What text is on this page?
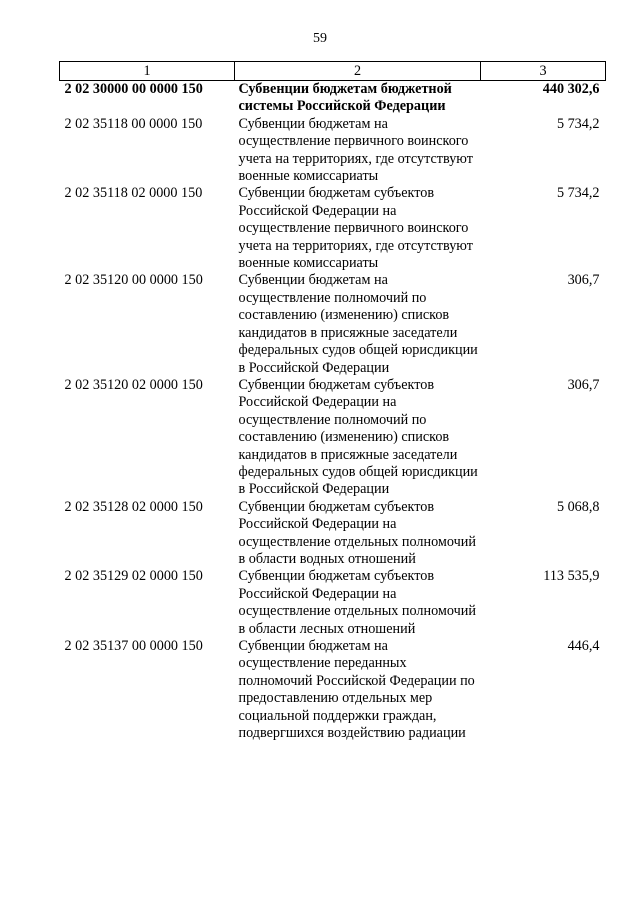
59
1	2	3
2 02 30000 00 0000 150	Субвенции бюджетам бюджетной системы Российской Федерации	440 302,6
2 02 35118 00 0000 150	Субвенции бюджетам на осуществление первичного воинского учета на территориях, где отсутствуют военные комиссариаты	5 734,2
2 02 35118 02 0000 150	Субвенции бюджетам субъектов Российской Федерации на осуществление первичного воинского учета на территориях, где отсутствуют военные комиссариаты	5 734,2
2 02 35120 00 0000 150	Субвенции бюджетам на осуществление полномочий по составлению (изменению) списков кандидатов в присяжные заседатели федеральных судов общей юрисдикции в Российской Федерации	306,7
2 02 35120 02 0000 150	Субвенции бюджетам субъектов Российской Федерации на осуществление полномочий по составлению (изменению) списков кандидатов в присяжные заседатели федеральных судов общей юрисдикции в Российской Федерации	306,7
2 02 35128 02 0000 150	Субвенции бюджетам субъектов Российской Федерации на осуществление отдельных полномочий в области водных отношений	5 068,8
2 02 35129 02 0000 150	Субвенции бюджетам субъектов Российской Федерации на осуществление отдельных полномочий в области лесных отношений	113 535,9
2 02 35137 00 0000 150	Субвенции бюджетам на осуществление переданных полномочий Российской Федерации по предоставлению отдельных мер социальной поддержки граждан, подвергшихся воздействию радиации	446,4
